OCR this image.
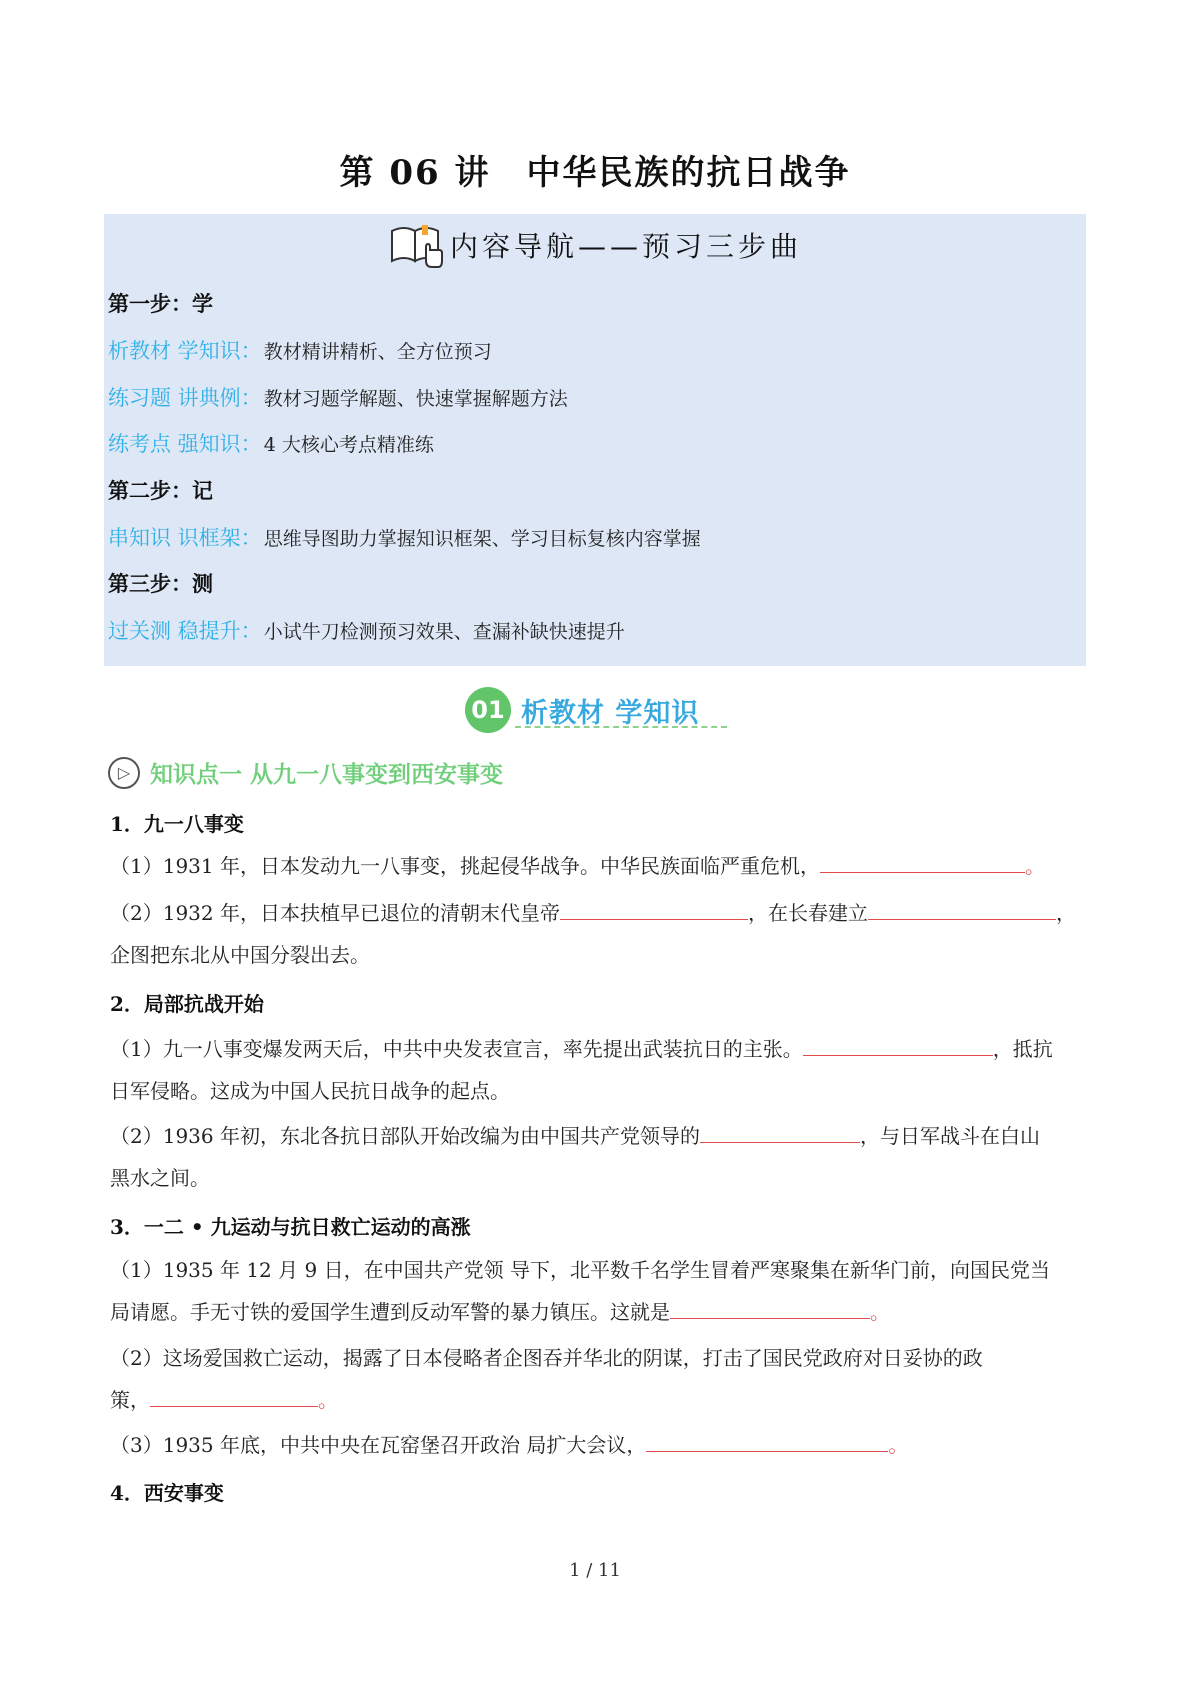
第 06 讲　中华民族的抗日战争
内容导航——预习三步曲
第一步：学
析教材 学知识： 教材精讲精析、全方位预习
练习题 讲典例： 教材习题学解题、快速掌握解题方法
练考点 强知识： 4 大核心考点精准练
第二步：记
串知识 识框架： 思维导图助力掌握知识框架、学习目标复核内容掌握
第三步：测
过关测 稳提升： 小试牛刀检测预习效果、查漏补缺快速提升
01 析教材 学知识
▷ 知识点一 从九一八事变到西安事变
1．九一八事变
（1）1931 年，日本发动九一八事变，挑起侵华战争。中华民族面临严重危机，	。
（2）1932 年，日本扶植早已退位的清朝末代皇帝	，在长春建立	，
企图把东北从中国分裂出去。
2．局部抗战开始
（1）九一八事变爆发两天后，中共中央发表宣言，率先提出武装抗日的主张。	，抵抗
日军侵略。这成为中国人民抗日战争的起点。
（2）1936 年初，东北各抗日部队开始改编为由中国共产党领导的	，与日军战斗在白山
黑水之间。
3．一二 • 九运动与抗日救亡运动的高涨
（1）1935 年 12 月 9 日，在中国共产党领 导下，北平数千名学生冒着严寒聚集在新华门前，向国民党当
局请愿。手无寸铁的爱国学生遭到反动军警的暴力镇压。这就是	。
（2）这场爱国救亡运动，揭露了日本侵略者企图吞并华北的阴谋，打击了国民党政府对日妥协的政
策，	。
（3）1935 年底，中共中央在瓦窑堡召开政治 局扩大会议，	。
4．西安事变
1 / 11
